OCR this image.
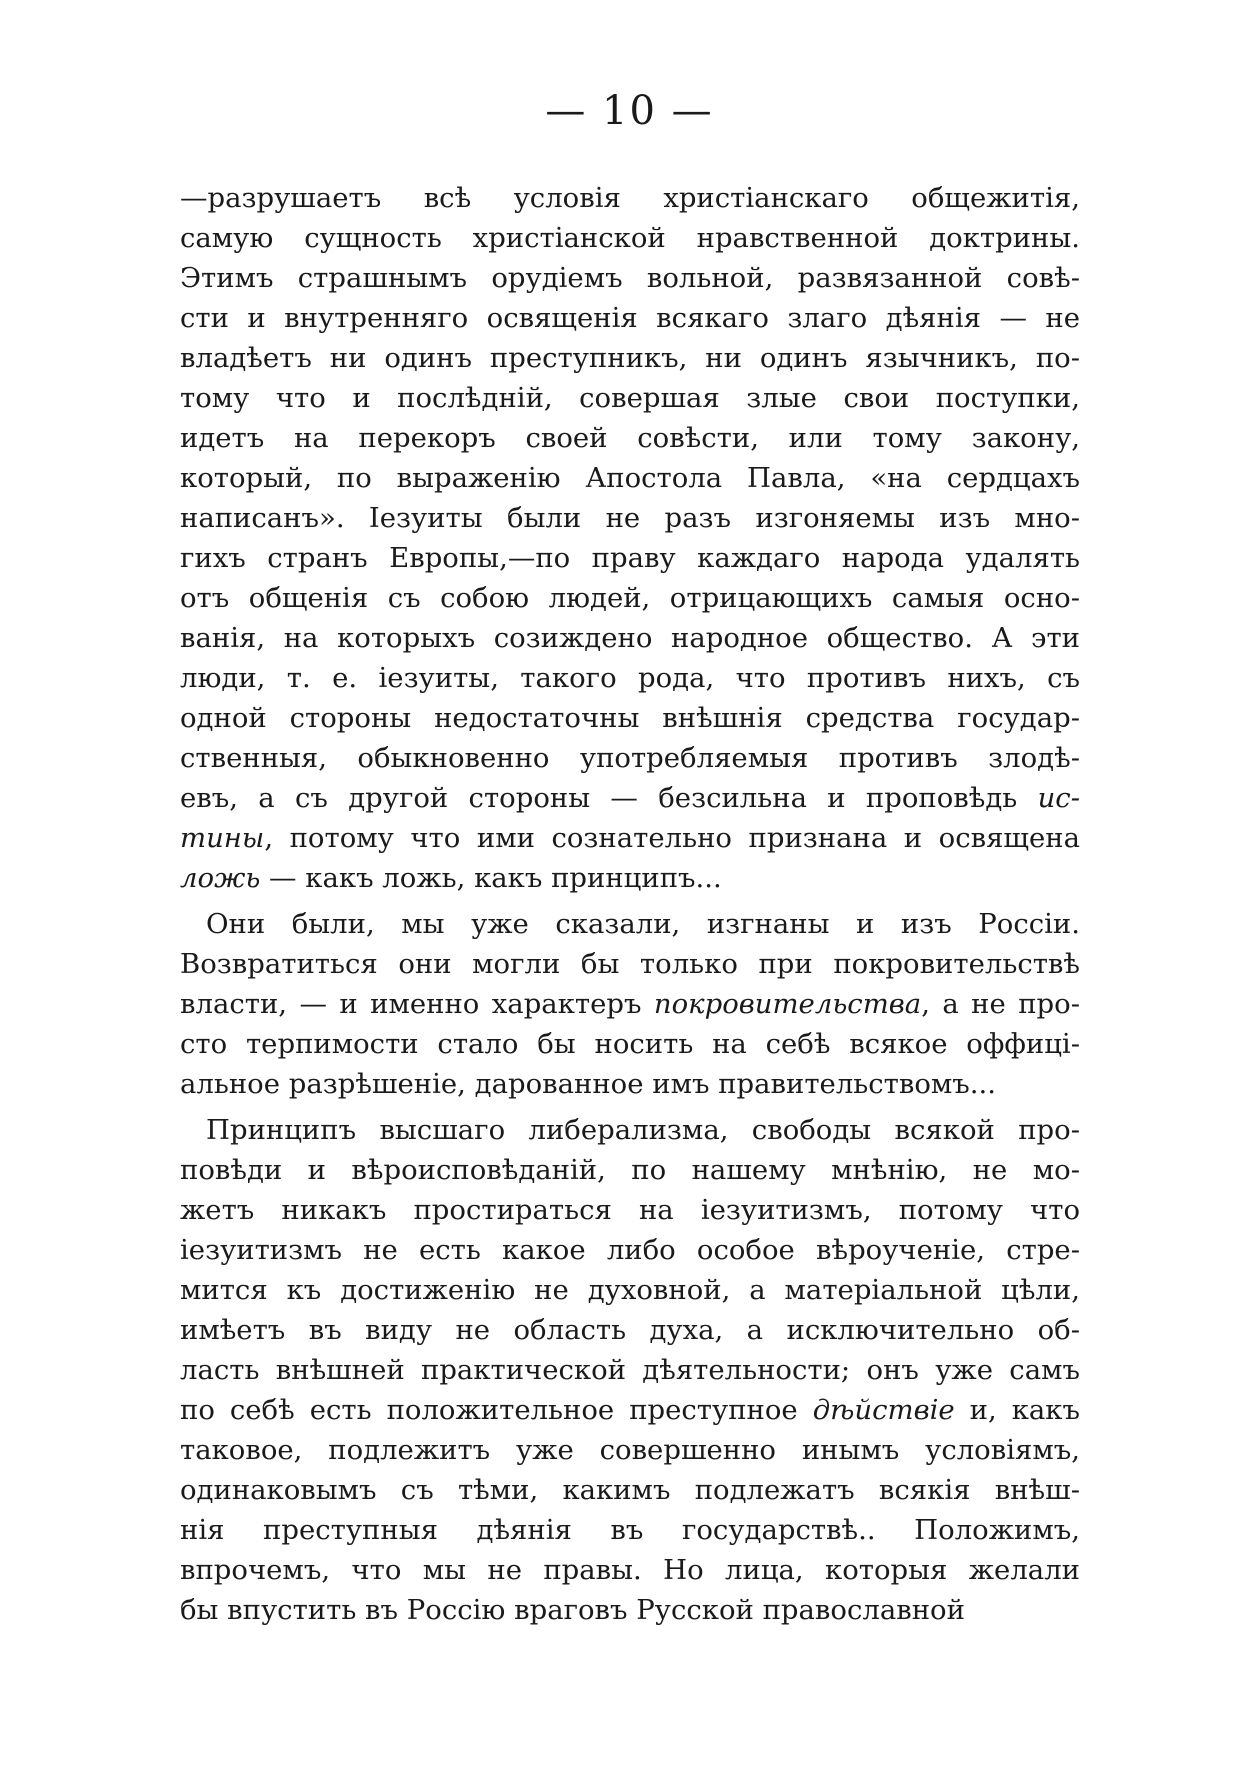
— 10 —
—разрушаетъ всѣ условія христіанскаго общежитія,
самую сущность христіанской нравственной доктрины.
Этимъ страшнымъ орудіемъ вольной, развязанной совѣ-
сти и внутренняго освященія всякаго злаго дѣянія — не
владѣетъ ни одинъ преступникъ, ни одинъ язычникъ, по-
тому что и послѣдній, совершая злые свои поступки,
идетъ на перекоръ своей совѣсти, или тому закону,
который, по выраженію Апостола Павла, «на сердцахъ
написанъ». Іезуиты были не разъ изгоняемы изъ мно-
гихъ странъ Европы,—по праву каждаго народа удалять
отъ общенія съ собою людей, отрицающихъ самыя осно-
ванія, на которыхъ созиждено народное общество. А эти
люди, т. е. іезуиты, такого рода, что противъ нихъ, съ
одной стороны недостаточны внѣшнія средства государ-
ственныя, обыкновенно употребляемыя противъ злодѣ-
евъ, а съ другой стороны — безсильна и проповѣдь ис-
тины, потому что ими сознательно признана и освящена
ложь — какъ ложь, какъ принципъ...
Они были, мы уже сказали, изгнаны и изъ Россіи.
Возвратиться они могли бы только при покровительствѣ
власти, — и именно характеръ покровительства, а не про-
сто терпимости стало бы носить на себѣ всякое оффиці-
альное разрѣшеніе, дарованное имъ правительствомъ...
Принципъ высшаго либерализма, свободы всякой про-
повѣди и вѣроисповѣданій, по нашему мнѣнію, не мо-
жетъ никакъ простираться на іезуитизмъ, потому что
іезуитизмъ не есть какое либо особое вѣроученіе, стре-
мится къ достиженію не духовной, а матеріальной цѣли,
имѣетъ въ виду не область духа, а исключительно об-
ласть внѣшней практической дѣятельности; онъ уже самъ
по себѣ есть положительное преступное дѣйствіе и, какъ
таковое, подлежитъ уже совершенно инымъ условіямъ,
одинаковымъ съ тѣми, какимъ подлежатъ всякія внѣш-
нія преступныя дѣянія въ государствѣ.. Положимъ,
впрочемъ, что мы не правы. Но лица, которыя желали
бы впустить въ Россію враговъ Русской православной
